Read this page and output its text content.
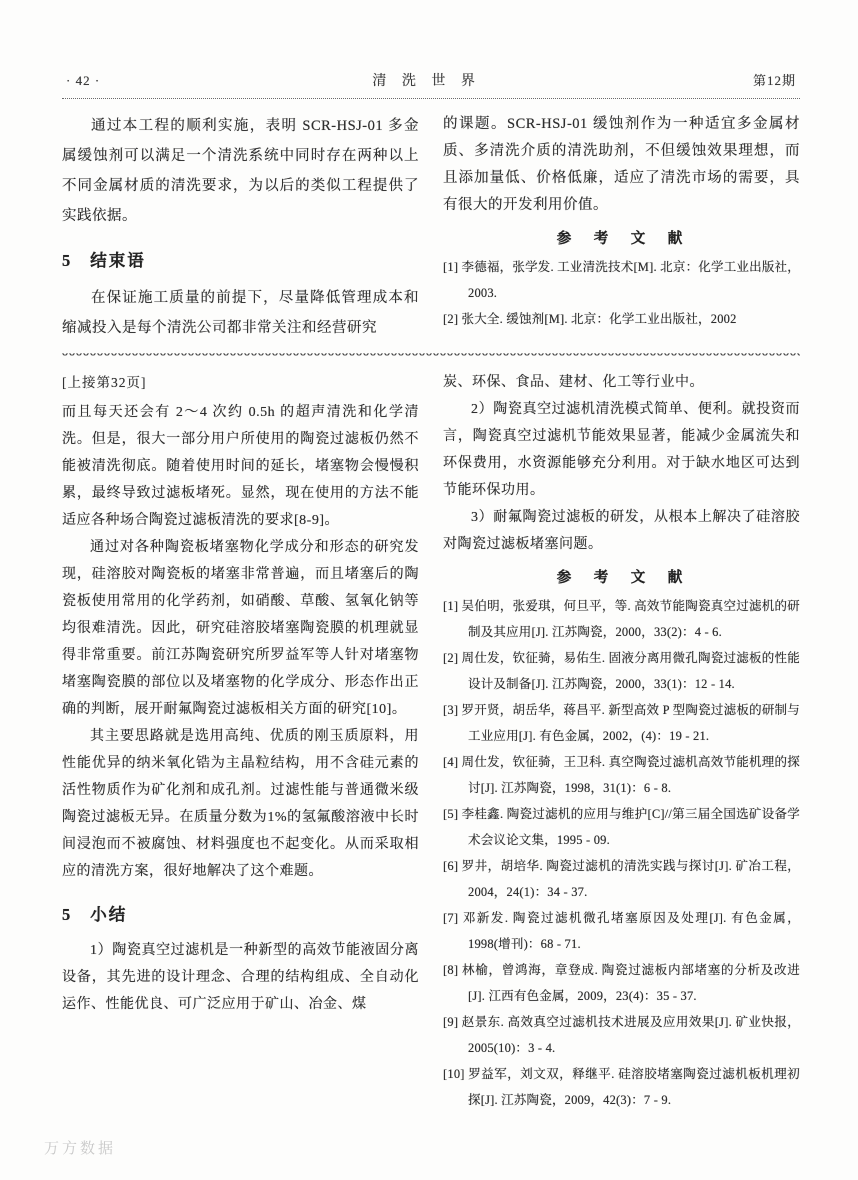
· 42 ·	清 洗 世 界	第12期

通过本工程的顺利实施，表明 SCR-HSJ-01 多金属缓蚀剂可以满足一个清洗系统中同时存在两种以上不同金属材质的清洗要求，为以后的类似工程提供了实践依据。

5 结束语

在保证施工质量的前提下，尽量降低管理成本和缩减投入是每个清洗公司都非常关注和经营研究

的课题。SCR-HSJ-01 缓蚀剂作为一种适宜多金属材质、多清洗介质的清洗助剂，不但缓蚀效果理想，而且添加量低、价格低廉，适应了清洗市场的需要，具有很大的开发利用价值。

参　考　文　献
[1] 李德福，张学发. 工业清洗技术[M]. 北京：化学工业出版社，2003.
[2] 张大全. 缓蚀剂[M]. 北京：化学工业出版社，2002
[上接第32页]

而且每天还会有 2～4 次约 0.5h 的超声清洗和化学清洗。但是，很大一部分用户所使用的陶瓷过滤板仍然不能被清洗彻底。随着使用时间的延长，堵塞物会慢慢积累，最终导致过滤板堵死。显然，现在使用的方法不能适应各种场合陶瓷过滤板清洗的要求[8-9]。

通过对各种陶瓷板堵塞物化学成分和形态的研究发现，硅溶胶对陶瓷板的堵塞非常普遍，而且堵塞后的陶瓷板使用常用的化学药剂，如硝酸、草酸、氢氧化钠等均很难清洗。因此，研究硅溶胶堵塞陶瓷膜的机理就显得非常重要。前江苏陶瓷研究所罗益军等人针对堵塞物堵塞陶瓷膜的部位以及堵塞物的化学成分、形态作出正确的判断，展开耐氟陶瓷过滤板相关方面的研究[10]。

其主要思路就是选用高纯、优质的刚玉质原料，用性能优异的纳米氧化锆为主晶粒结构，用不含硅元素的活性物质作为矿化剂和成孔剂。过滤性能与普通微米级陶瓷过滤板无异。在质量分数为1%的氢氟酸溶液中长时间浸泡而不被腐蚀、材料强度也不起变化。从而采取相应的清洗方案，很好地解决了这个难题。

5 小结

1）陶瓷真空过滤机是一种新型的高效节能液固分离设备，其先进的设计理念、合理的结构组成、全自动化运作、性能优良、可广泛应用于矿山、冶金、煤

炭、环保、食品、建材、化工等行业中。

2）陶瓷真空过滤机清洗模式简单、便利。就投资而言，陶瓷真空过滤机节能效果显著，能减少金属流失和环保费用，水资源能够充分利用。对于缺水地区可达到节能环保功用。

3）耐氟陶瓷过滤板的研发，从根本上解决了硅溶胶对陶瓷过滤板堵塞问题。

参　考　文　献
[1] 吴伯明，张爱琪，何旦平，等. 高效节能陶瓷真空过滤机的研制及其应用[J]. 江苏陶瓷，2000，33(2)：4 - 6.
[2] 周仕发，钦征骑，易佑生. 固液分离用微孔陶瓷过滤板的性能设计及制备[J]. 江苏陶瓷，2000，33(1)：12 - 14.
[3] 罗开贤，胡岳华，蒋昌平. 新型高效 P 型陶瓷过滤板的研制与工业应用[J]. 有色金属，2002，(4)：19 - 21.
[4] 周仕发，钦征骑，王卫科. 真空陶瓷过滤机高效节能机理的探讨[J]. 江苏陶瓷，1998，31(1)：6 - 8.
[5] 李桂鑫. 陶瓷过滤机的应用与维护[C]//第三届全国选矿设备学术会议论文集，1995 - 09.
[6] 罗井，胡培华. 陶瓷过滤机的清洗实践与探讨[J]. 矿冶工程，2004，24(1)：34 - 37.
[7] 邓新发. 陶瓷过滤机微孔堵塞原因及处理[J]. 有色金属，1998(增刊)：68 - 71.
[8] 林榆，曾鸿海，章登成. 陶瓷过滤板内部堵塞的分析及改进[J]. 江西有色金属，2009，23(4)：35 - 37.
[9] 赵景东. 高效真空过滤机技术进展及应用效果[J]. 矿业快报，2005(10)：3 - 4.
[10] 罗益军，刘文双，释继平. 硅溶胶堵塞陶瓷过滤机板机理初探[J]. 江苏陶瓷，2009，42(3)：7 - 9.
万方数据
